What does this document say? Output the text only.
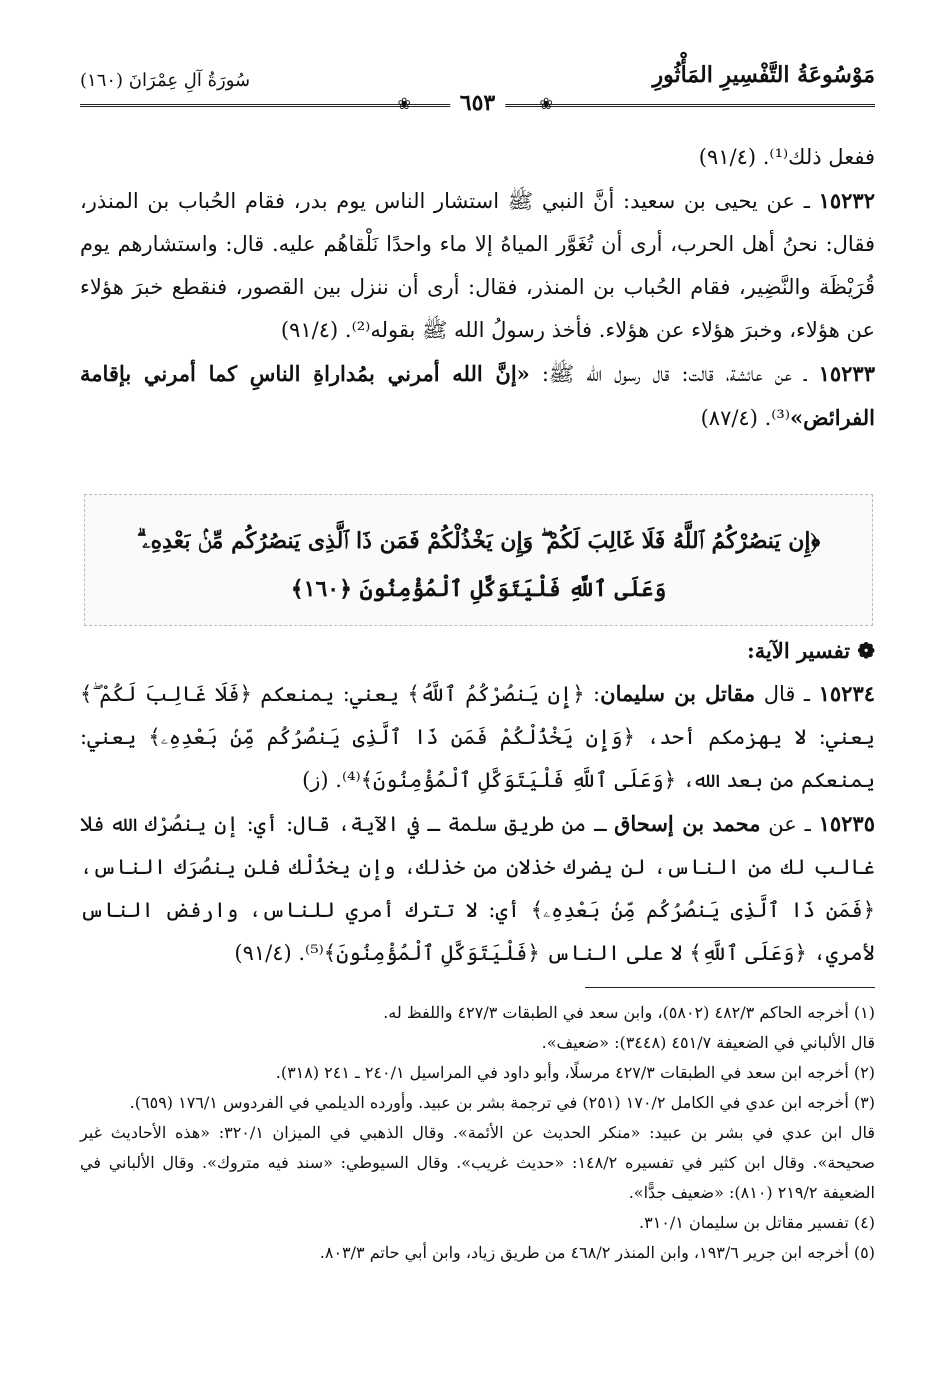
❀	❀
مَوْسُوعَةُ التَّفْسِيرِ المَأْثُورِ
٦٥٣
سُورَةُ آلِ عِمْرَانَ (١٦٠)

ففعل ذلك⁽¹⁾. (٩١/٤)

١٥٢٣٢ ـ عن يحيى بن سعيد: أنَّ النبي ﷺ استشار الناس يوم بدر، فقام الحُباب بن المنذر، فقال: نحنُ أهل الحرب، أرى أن تُغَوَّر المياهُ إلا ماء واحدًا نَلْقاهُم عليه. قال: واستشارهم يوم قُرَيْظَة والنَّضِير، فقام الحُباب بن المنذر، فقال: أرى أن ننزل بين القصور، فنقطع خبرَ هؤلاء عن هؤلاء، وخبرَ هؤلاء عن هؤلاء. فأخذ رسولُ الله ﷺ بقوله⁽²⁾. (٩١/٤)

١٥٢٣٣ ـ عن عائشة، قالت: قال رسول الله ﷺ: «إنَّ الله أمرني بمُداراةِ الناسِ كما أمرني بإقامة الفرائض»⁽³⁾. (٨٧/٤)

﴿إِن يَنصُرْكُمُ ٱللَّهُ فَلَا غَالِبَ لَكُمْ ۖ وَإِن يَخْذُلْكُمْ فَمَن ذَا ٱلَّذِى يَنصُرُكُم مِّنۢ بَعْدِهِۦ ۗ
وَعَلَى ٱللَّهِ فَلْيَتَوَكَّلِ ٱلْمُؤْمِنُونَ ﴿١٦٠﴾

❁ تفسير الآية:

١٥٢٣٤ ـ قال مقاتل بن سليمان: ﴿إِن يَنصُرْكُمُ ٱللَّهُ﴾ يعني: يمنعكم ﴿فَلَا غَالِبَ لَكُمْ ۖ﴾ يعني: لا يهزمكم أحد، ﴿وَإِن يَخْذُلْكُمْ فَمَن ذَا ٱلَّذِى يَنصُرُكُم مِّنۢ بَعْدِهِۦ﴾ يعني: يمنعكم من بعد الله، ﴿وَعَلَى ٱللَّهِ فَلْيَتَوَكَّلِ ٱلْمُؤْمِنُونَ﴾⁽⁴⁾. (ز)

١٥٢٣٥ ـ عن محمد بن إسحاق ـ من طريق سلمة ـ في الآية، قال: أي: إن ينصُرْك الله فلا غالب لك من الناس، لن يضرك خذلان من خذلك، وإن يخذُلْك فلن ينصُرَك الناس، ﴿فَمَن ذَا ٱلَّذِى يَنصُرُكُم مِّنۢ بَعْدِهِۦ﴾ أي: لا تترك أمري للناس، وارفض الناس لأمري، ﴿وَعَلَى ٱللَّهِ﴾ لا على الناس ﴿فَلْيَتَوَكَّلِ ٱلْمُؤْمِنُونَ﴾⁽⁵⁾. (٩١/٤)

(١) أخرجه الحاكم ٤٨٢/٣ (٥٨٠٢)، وابن سعد في الطبقات ٤٢٧/٣ واللفظ له.

قال الألباني في الضعيفة ٤٥١/٧ (٣٤٤٨): «ضعيف».

(٢) أخرجه ابن سعد في الطبقات ٤٢٧/٣ مرسلًا، وأبو داود في المراسيل ٢٤٠/١ ـ ٢٤١ (٣١٨).

(٣) أخرجه ابن عدي في الكامل ١٧٠/٢ (٢٥١) في ترجمة بشر بن عبيد. وأورده الديلمي في الفردوس ١٧٦/١ (٦٥٩).

قال ابن عدي في بشر بن عبيد: «منكر الحديث عن الأئمة». وقال الذهبي في الميزان ٣٢٠/١: «هذه الأحاديث غير صحيحة». وقال ابن كثير في تفسيره ١٤٨/٢: «حديث غريب». وقال السيوطي: «سند فيه متروك». وقال الألباني في الضعيفة ٢١٩/٢ (٨١٠): «ضعيف جدًّا».

(٤) تفسير مقاتل بن سليمان ٣١٠/١.

(٥) أخرجه ابن جرير ١٩٣/٦، وابن المنذر ٤٦٨/٢ من طريق زياد، وابن أبي حاتم ٨٠٣/٣.
